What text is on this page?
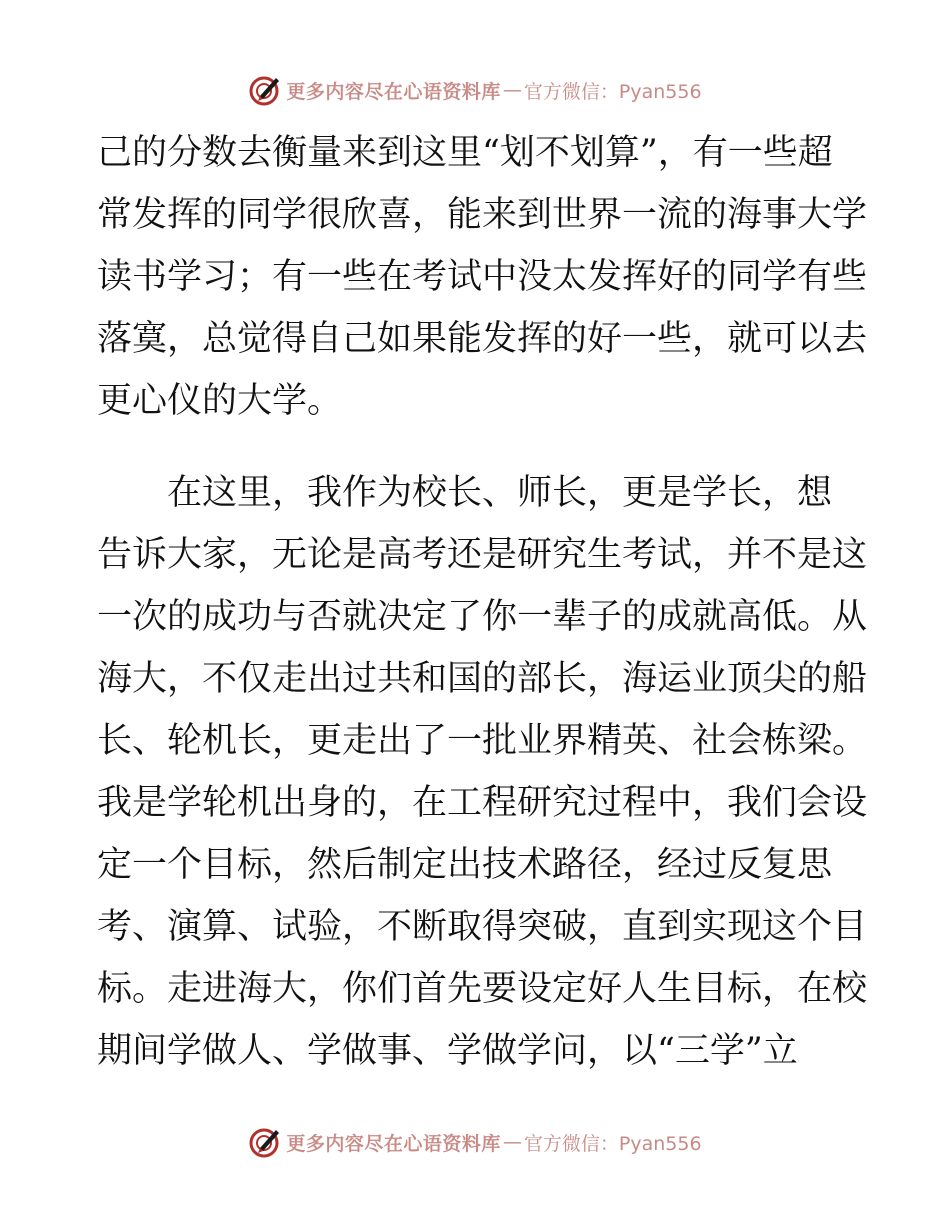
更多内容尽在心语资料库 — 官方微信：Pyan556
己的分数去衡量来到这里“划不划算”，有一些超
常发挥的同学很欣喜，能来到世界一流的海事大学
读书学习；有一些在考试中没太发挥好的同学有些
落寞，总觉得自己如果能发挥的好一些，就可以去
更心仪的大学。
　　在这里，我作为校长、师长，更是学长，想
告诉大家，无论是高考还是研究生考试，并不是这
一次的成功与否就决定了你一辈子的成就高低。从
海大，不仅走出过共和国的部长，海运业顶尖的船
长、轮机长，更走出了一批业界精英、社会栋梁。
我是学轮机出身的，在工程研究过程中，我们会设
定一个目标，然后制定出技术路径，经过反复思
考、演算、试验，不断取得突破，直到实现这个目
标。走进海大，你们首先要设定好人生目标，在校
期间学做人、学做事、学做学问，以“三学”立
更多内容尽在心语资料库 — 官方微信：Pyan556
